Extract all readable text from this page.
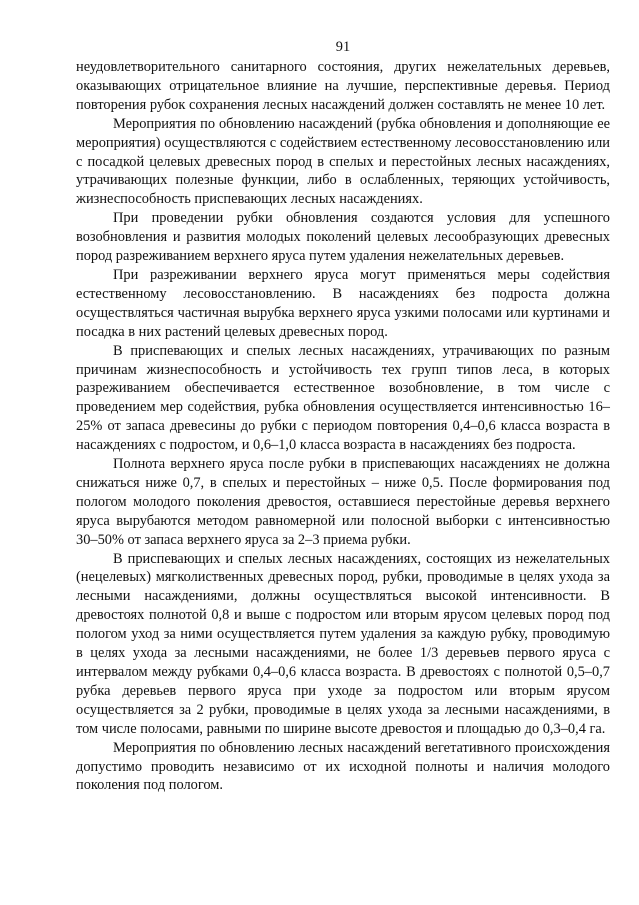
91

неудовлетворительного санитарного состояния, других нежелательных деревьев, оказывающих отрицательное влияние на лучшие, перспективные деревья. Период повторения рубок сохранения лесных насаждений должен составлять не менее 10 лет.

Мероприятия по обновлению насаждений (рубка обновления и дополняющие ее мероприятия) осуществляются с содействием естественному лесовосстановлению или с посадкой целевых древесных пород в спелых и перестойных лесных насаждениях, утрачивающих полезные функции, либо в ослабленных, теряющих устойчивость, жизнеспособность приспевающих лесных насаждениях.

При проведении рубки обновления создаются условия для успешного возобновления и развития молодых поколений целевых лесообразующих древесных пород разреживанием верхнего яруса путем удаления нежелательных деревьев.

При разреживании верхнего яруса могут применяться меры содействия естественному лесовосстановлению. В насаждениях без подроста должна осуществляться частичная вырубка верхнего яруса узкими полосами или куртинами и посадка в них растений целевых древесных пород.

В приспевающих и спелых лесных насаждениях, утрачивающих по разным причинам жизнеспособность и устойчивость тех групп типов леса, в которых разреживанием обеспечивается естественное возобновление, в том числе с проведением мер содействия, рубка обновления осуществляется интенсивностью 16–25% от запаса древесины до рубки с периодом повторения 0,4–0,6 класса возраста в насаждениях с подростом, и 0,6–1,0 класса возраста в насаждениях без подроста.

Полнота верхнего яруса после рубки в приспевающих насаждениях не должна снижаться ниже 0,7, в спелых и перестойных – ниже 0,5. После формирования под пологом молодого поколения древостоя, оставшиеся перестойные деревья верхнего яруса вырубаются методом равномерной или полосной выборки с интенсивностью 30–50% от запаса верхнего яруса за 2–3 приема рубки.

В приспевающих и спелых лесных насаждениях, состоящих из нежелательных (нецелевых) мягколиственных древесных пород, рубки, проводимые в целях ухода за лесными насаждениями, должны осуществляться высокой интенсивности. В древостоях полнотой 0,8 и выше с подростом или вторым ярусом целевых пород под пологом уход за ними осуществляется путем удаления за каждую рубку, проводимую в целях ухода за лесными насаждениями, не более 1/3 деревьев первого яруса с интервалом между рубками 0,4–0,6 класса возраста. В древостоях с полнотой 0,5–0,7 рубка деревьев первого яруса при уходе за подростом или вторым ярусом осуществляется за 2 рубки, проводимые в целях ухода за лесными насаждениями, в том числе полосами, равными по ширине высоте древостоя и площадью до 0,3–0,4 га.

Мероприятия по обновлению лесных насаждений вегетативного происхождения допустимо проводить независимо от их исходной полноты и наличия молодого поколения под пологом.
